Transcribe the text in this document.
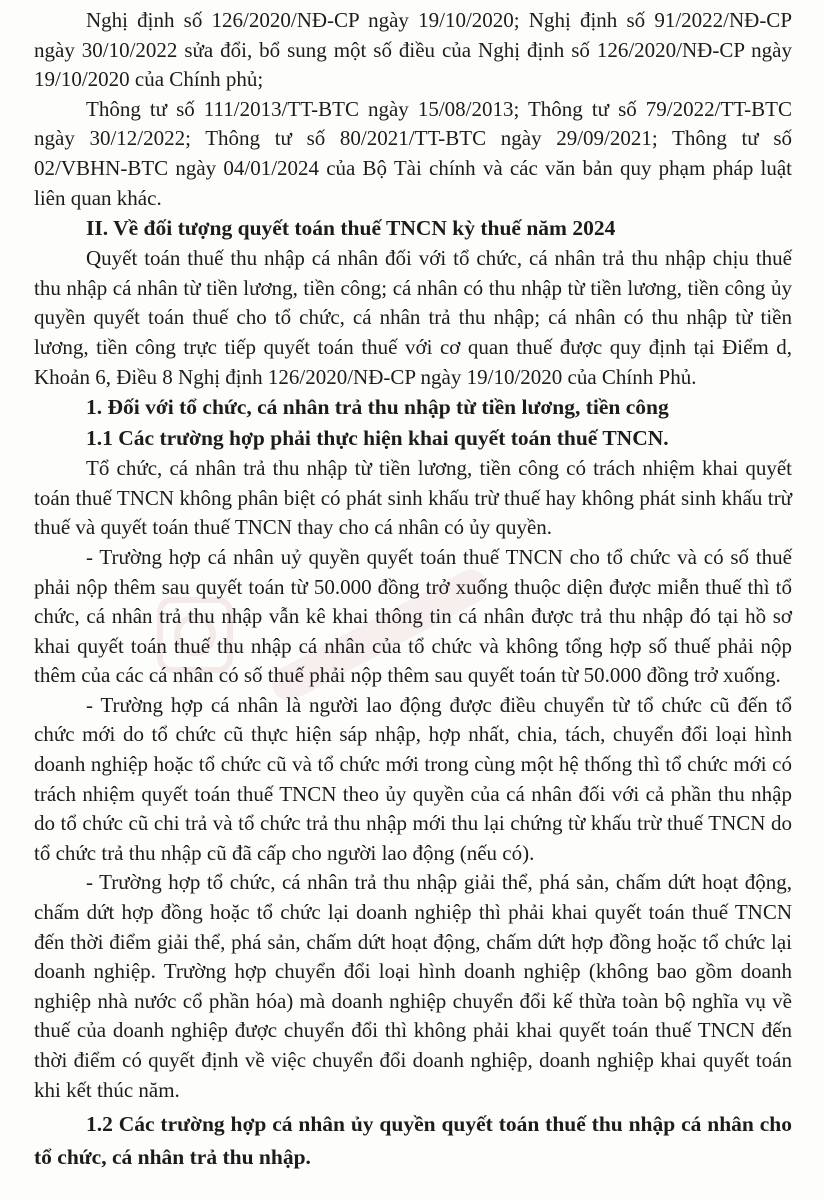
Nghị định số 126/2020/NĐ-CP ngày 19/10/2020; Nghị định số 91/2022/NĐ-CP ngày 30/10/2022 sửa đổi, bổ sung một số điều của Nghị định số 126/2020/NĐ-CP ngày 19/10/2020 của Chính phủ;

Thông tư số 111/2013/TT-BTC ngày 15/08/2013; Thông tư số 79/2022/TT-BTC ngày 30/12/2022; Thông tư số 80/2021/TT-BTC ngày 29/09/2021; Thông tư số 02/VBHN-BTC ngày 04/01/2024 của Bộ Tài chính và các văn bản quy phạm pháp luật liên quan khác.

II. Về đối tượng quyết toán thuế TNCN kỳ thuế năm 2024

Quyết toán thuế thu nhập cá nhân đối với tổ chức, cá nhân trả thu nhập chịu thuế thu nhập cá nhân từ tiền lương, tiền công; cá nhân có thu nhập từ tiền lương, tiền công ủy quyền quyết toán thuế cho tổ chức, cá nhân trả thu nhập; cá nhân có thu nhập từ tiền lương, tiền công trực tiếp quyết toán thuế với cơ quan thuế được quy định tại Điểm d, Khoản 6, Điều 8 Nghị định 126/2020/NĐ-CP ngày 19/10/2020 của Chính Phủ.

1. Đối với tổ chức, cá nhân trả thu nhập từ tiền lương, tiền công

1.1 Các trường hợp phải thực hiện khai quyết toán thuế TNCN.

Tổ chức, cá nhân trả thu nhập từ tiền lương, tiền công có trách nhiệm khai quyết toán thuế TNCN không phân biệt có phát sinh khấu trừ thuế hay không phát sinh khấu trừ thuế và quyết toán thuế TNCN thay cho cá nhân có ủy quyền.

- Trường hợp cá nhân uỷ quyền quyết toán thuế TNCN cho tổ chức và có số thuế phải nộp thêm sau quyết toán từ 50.000 đồng trở xuống thuộc diện được miễn thuế thì tổ chức, cá nhân trả thu nhập vẫn kê khai thông tin cá nhân được trả thu nhập đó tại hồ sơ khai quyết toán thuế thu nhập cá nhân của tổ chức và không tổng hợp số thuế phải nộp thêm của các cá nhân có số thuế phải nộp thêm sau quyết toán từ 50.000 đồng trở xuống.

- Trường hợp cá nhân là người lao động được điều chuyển từ tổ chức cũ đến tổ chức mới do tổ chức cũ thực hiện sáp nhập, hợp nhất, chia, tách, chuyển đổi loại hình doanh nghiệp hoặc tổ chức cũ và tổ chức mới trong cùng một hệ thống thì tổ chức mới có trách nhiệm quyết toán thuế TNCN theo ủy quyền của cá nhân đối với cả phần thu nhập do tổ chức cũ chi trả và tổ chức trả thu nhập mới thu lại chứng từ khấu trừ thuế TNCN do tổ chức trả thu nhập cũ đã cấp cho người lao động (nếu có).

- Trường hợp tổ chức, cá nhân trả thu nhập giải thể, phá sản, chấm dứt hoạt động, chấm dứt hợp đồng hoặc tổ chức lại doanh nghiệp thì phải khai quyết toán thuế TNCN đến thời điểm giải thể, phá sản, chấm dứt hoạt động, chấm dứt hợp đồng hoặc tổ chức lại doanh nghiệp. Trường hợp chuyển đổi loại hình doanh nghiệp (không bao gồm doanh nghiệp nhà nước cổ phần hóa) mà doanh nghiệp chuyển đổi kế thừa toàn bộ nghĩa vụ về thuế của doanh nghiệp được chuyển đổi thì không phải khai quyết toán thuế TNCN đến thời điểm có quyết định về việc chuyển đổi doanh nghiệp, doanh nghiệp khai quyết toán khi kết thúc năm.

1.2 Các trường hợp cá nhân ủy quyền quyết toán thuế thu nhập cá nhân cho tổ chức, cá nhân trả thu nhập.
